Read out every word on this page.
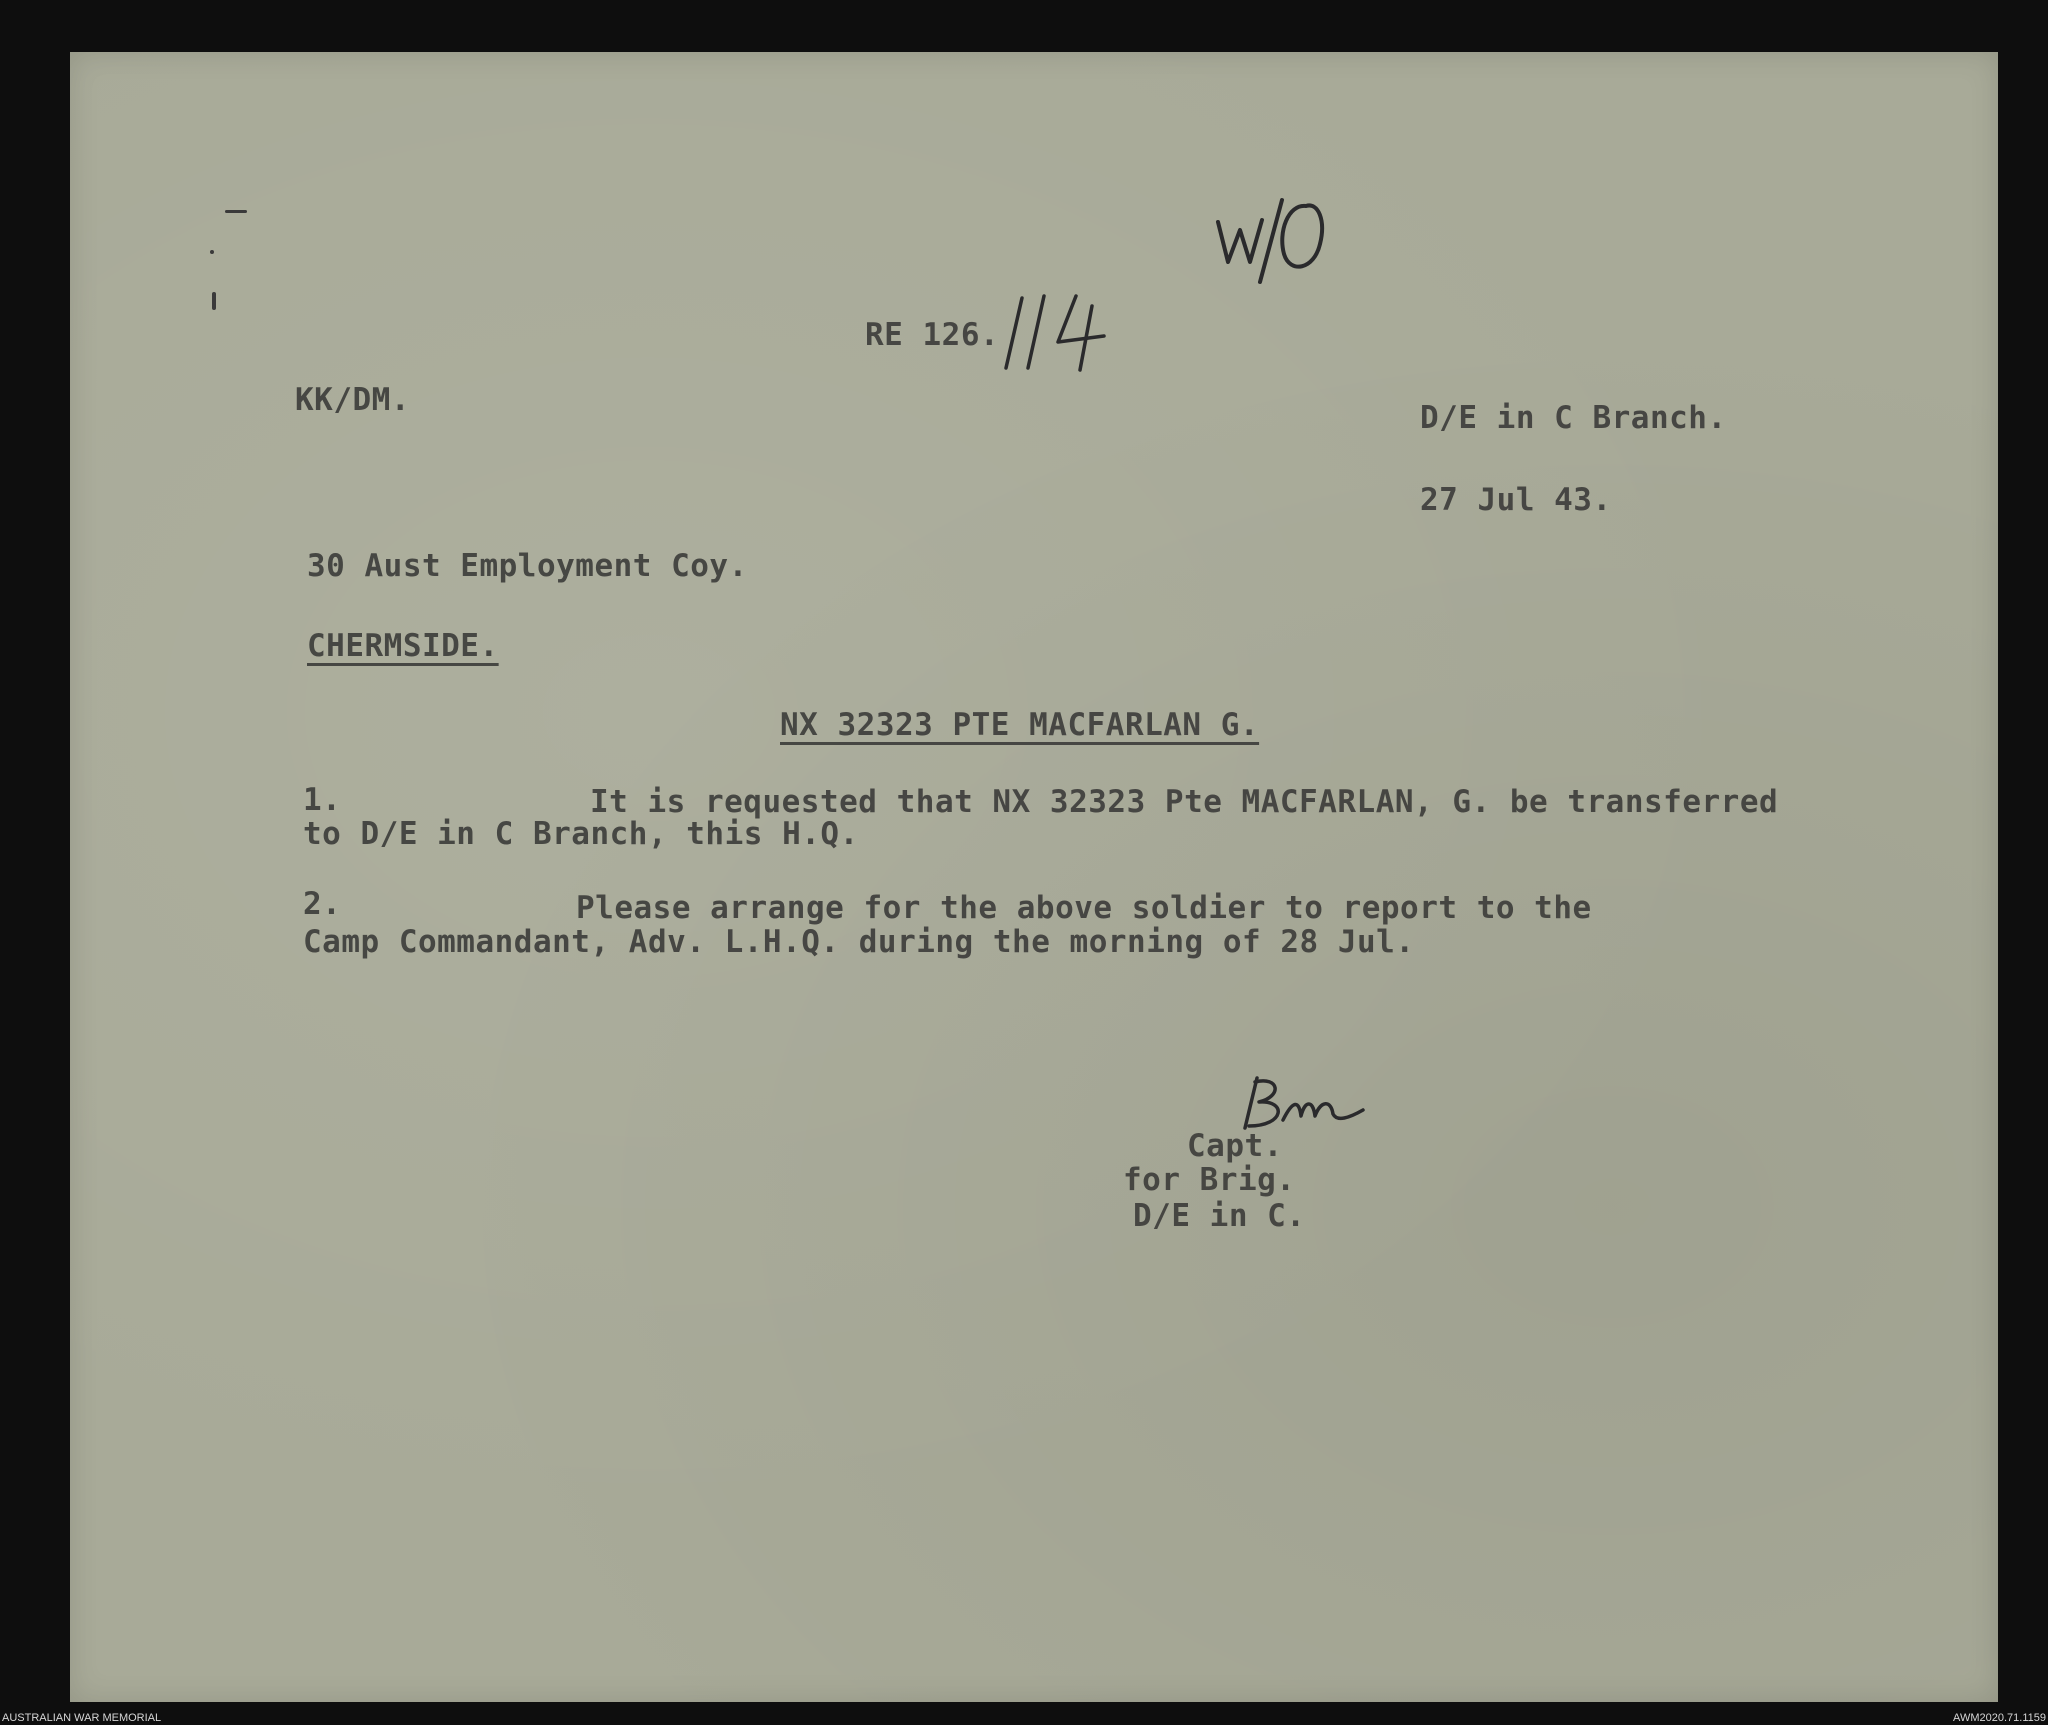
RE 126.
KK/DM.	D/E in C Branch.
27 Jul 43.
30 Aust Employment Coy.
CHERMSIDE.
NX 32323 PTE MACFARLAN G.
1.	It is requested that NX 32323 Pte MACFARLAN, G. be transferred
to D/E in C Branch, this H.Q.
2.	Please arrange for the above soldier to report to the
Camp Commandant, Adv. L.H.Q. during the morning of 28 Jul.
Capt.
for Brig.
D/E in C.
AUSTRALIAN WAR MEMORIAL	AWM2020.71.1159
